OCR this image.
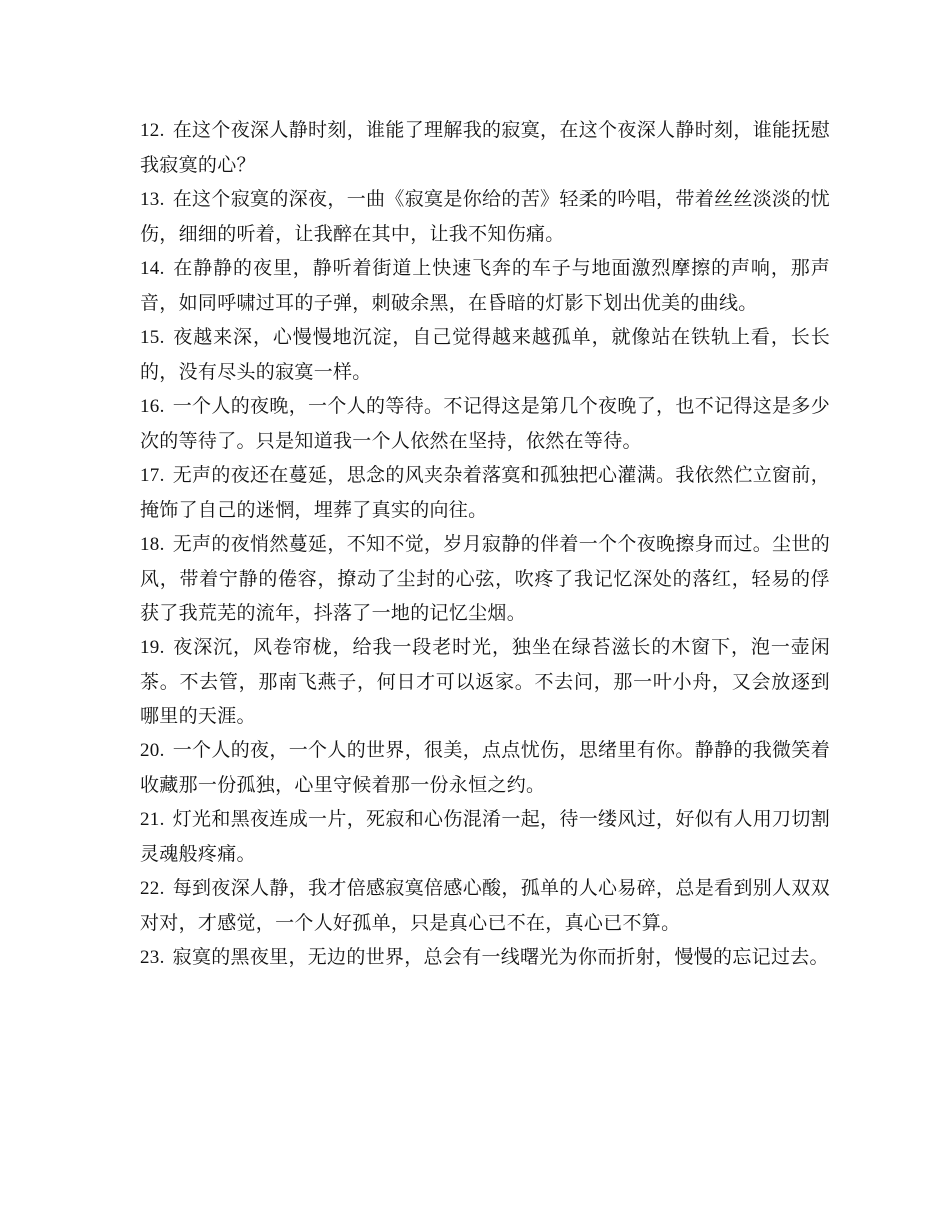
12. 在这个夜深人静时刻，谁能了理解我的寂寞，在这个夜深人静时刻，谁能抚慰我寂寞的心？

13. 在这个寂寞的深夜，一曲《寂寞是你给的苦》轻柔的吟唱，带着丝丝淡淡的忧伤，细细的听着，让我醉在其中，让我不知伤痛。

14. 在静静的夜里，静听着街道上快速飞奔的车子与地面激烈摩擦的声响，那声音，如同呼啸过耳的子弹，刺破余黑，在昏暗的灯影下划出优美的曲线。

15. 夜越来深，心慢慢地沉淀，自己觉得越来越孤单，就像站在铁轨上看，长长的，没有尽头的寂寞一样。

16. 一个人的夜晚，一个人的等待。不记得这是第几个夜晚了，也不记得这是多少次的等待了。只是知道我一个人依然在坚持，依然在等待。

17. 无声的夜还在蔓延，思念的风夹杂着落寞和孤独把心灌满。我依然伫立窗前，掩饰了自己的迷惘，埋葬了真实的向往。

18. 无声的夜悄然蔓延，不知不觉，岁月寂静的伴着一个个夜晚擦身而过。尘世的风，带着宁静的倦容，撩动了尘封的心弦，吹疼了我记忆深处的落红，轻易的俘获了我荒芜的流年，抖落了一地的记忆尘烟。

19. 夜深沉，风卷帘栊，给我一段老时光，独坐在绿苔滋长的木窗下，泡一壶闲茶。不去管，那南飞燕子，何日才可以返家。不去问，那一叶小舟，又会放逐到哪里的天涯。

20. 一个人的夜，一个人的世界，很美，点点忧伤，思绪里有你。静静的我微笑着收藏那一份孤独，心里守候着那一份永恒之约。

21. 灯光和黑夜连成一片，死寂和心伤混淆一起，待一缕风过，好似有人用刀切割灵魂般疼痛。

22. 每到夜深人静，我才倍感寂寞倍感心酸，孤单的人心易碎，总是看到别人双双对对，才感觉，一个人好孤单，只是真心已不在，真心已不算。

23. 寂寞的黑夜里，无边的世界，总会有一线曙光为你而折射，慢慢的忘记过去。
